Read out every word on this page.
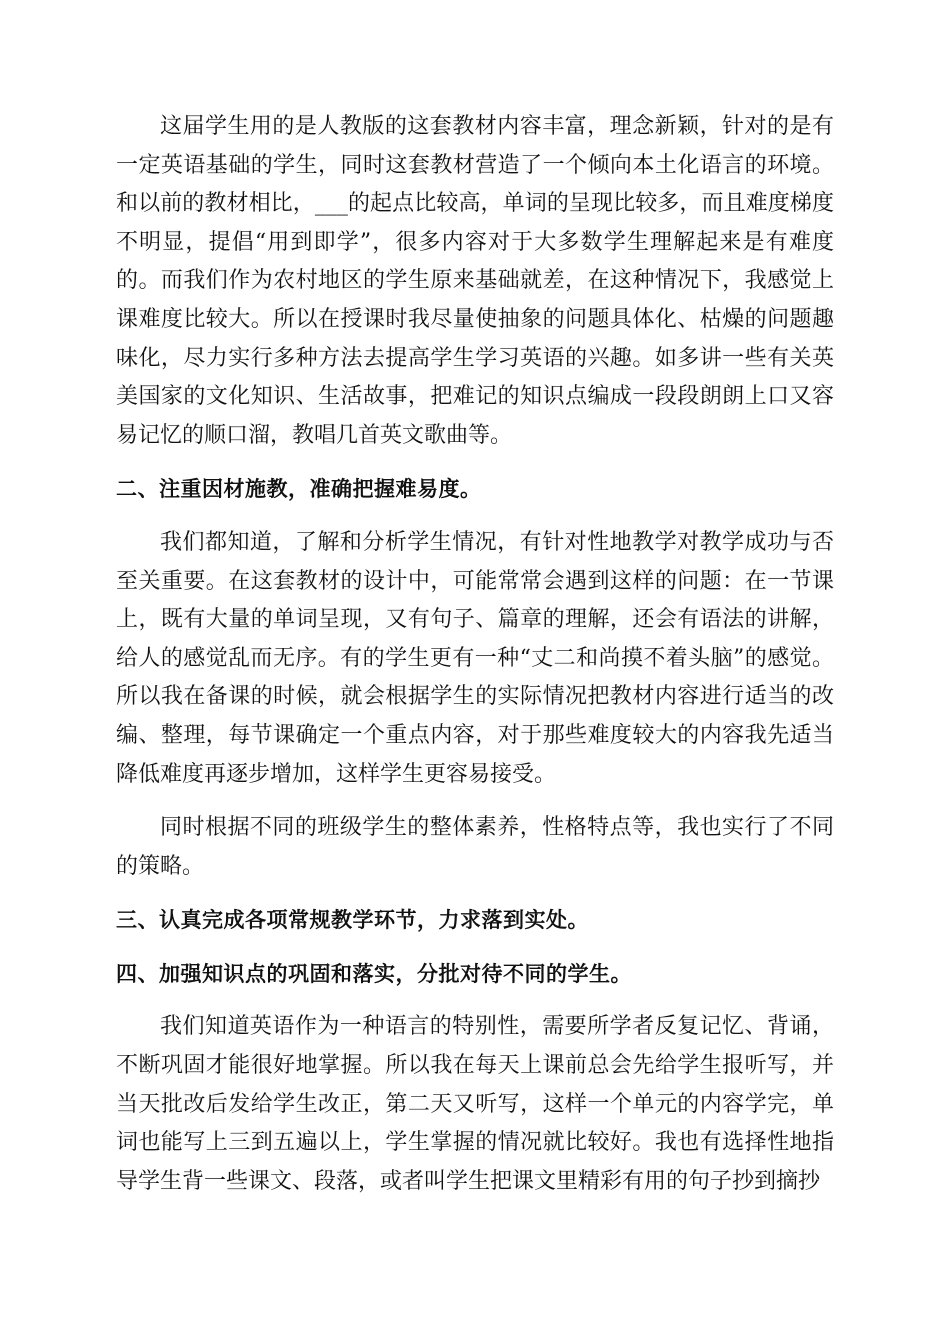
这届学生用的是人教版的这套教材内容丰富，理念新颖，针对的是有一定英语基础的学生，同时这套教材营造了一个倾向本土化语言的环境。和以前的教材相比，___的起点比较高，单词的呈现比较多，而且难度梯度不明显，提倡“用到即学”，很多内容对于大多数学生理解起来是有难度的。而我们作为农村地区的学生原来基础就差，在这种情况下，我感觉上课难度比较大。所以在授课时我尽量使抽象的问题具体化、枯燥的问题趣味化，尽力实行多种方法去提高学生学习英语的兴趣。如多讲一些有关英美国家的文化知识、生活故事，把难记的知识点编成一段段朗朗上口又容易记忆的顺口溜，教唱几首英文歌曲等。

二、注重因材施教，准确把握难易度。

我们都知道，了解和分析学生情况，有针对性地教学对教学成功与否至关重要。在这套教材的设计中，可能常常会遇到这样的问题：在一节课上，既有大量的单词呈现，又有句子、篇章的理解，还会有语法的讲解，给人的感觉乱而无序。有的学生更有一种“丈二和尚摸不着头脑”的感觉。所以我在备课的时候，就会根据学生的实际情况把教材内容进行适当的改编、整理，每节课确定一个重点内容，对于那些难度较大的内容我先适当降低难度再逐步增加，这样学生更容易接受。

同时根据不同的班级学生的整体素养，性格特点等，我也实行了不同的策略。

三、认真完成各项常规教学环节，力求落到实处。

四、加强知识点的巩固和落实，分批对待不同的学生。

我们知道英语作为一种语言的特别性，需要所学者反复记忆、背诵，不断巩固才能很好地掌握。所以我在每天上课前总会先给学生报听写，并当天批改后发给学生改正，第二天又听写，这样一个单元的内容学完，单词也能写上三到五遍以上，学生掌握的情况就比较好。我也有选择性地指导学生背一些课文、段落，或者叫学生把课文里精彩有用的句子抄到摘抄
